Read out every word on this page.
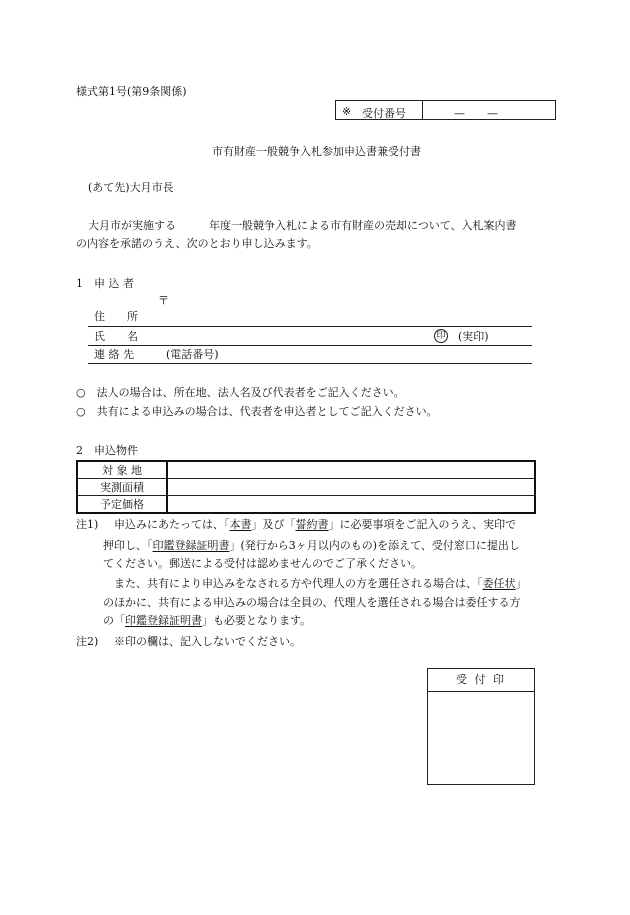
様式第1号(第9条関係)
※ 受付番号	—　　—
市有財産一般競争入札参加申込書兼受付書
(あて先)大月市長
大月市が実施する　　　年度一般競争入札による市有財産の売却について、入札案内書
の内容を承諾のうえ、次のとおり申し込みます。
1　申 込 者
〒
住　　所
氏　　名	印 (実印)
連 絡 先	(電話番号)
○　法人の場合は、所在地、法人名及び代表者をご記入ください。
○　共有による申込みの場合は、代表者を申込者としてご記入ください。
2　申込物件
対 象 地	
実測面積	
予定価格	
注1) 申込みにあたっては、「本書」及び「誓約書」に必要事項をご記入のうえ、実印で
押印し、「印鑑登録証明書」(発行から3ヶ月以内のもの)を添えて、受付窓口に提出し
てください。郵送による受付は認めませんのでご了承ください。
　また、共有により申込みをなされる方や代理人の方を選任される場合は、「委任状」
のほかに、共有による申込みの場合は全員の、代理人を選任される場合は委任する方
の「印鑑登録証明書」も必要となります。
注2) ※印の欄は、記入しないでください。
受 付 印
